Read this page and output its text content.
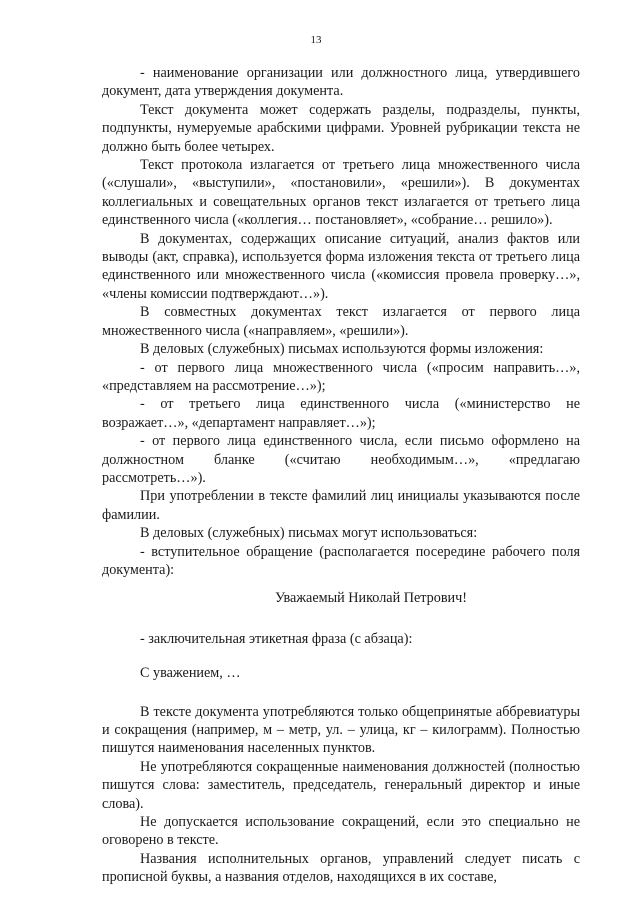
13

- наименование организации или должностного лица, утвердившего документ, дата утверждения документа.

Текст документа может содержать разделы, подразделы, пункты, подпункты, нумеруемые арабскими цифрами. Уровней рубрикации текста не должно быть более четырех.

Текст протокола излагается от третьего лица множественного числа («слушали», «выступили», «постановили», «решили»). В документах коллегиальных и совещательных органов текст излагается от третьего лица единственного числа («коллегия… постановляет», «собрание… решило»).

В документах, содержащих описание ситуаций, анализ фактов или выводы (акт, справка), используется форма изложения текста от третьего лица единственного или множественного числа («комиссия провела проверку…», «члены комиссии подтверждают…»).

В совместных документах текст излагается от первого лица множественного числа («направляем», «решили»).

В деловых (служебных) письмах используются формы изложения:

- от первого лица множественного числа («просим направить…», «представляем на рассмотрение…»);

- от третьего лица единственного числа («министерство не возражает…», «департамент направляет…»);

- от первого лица единственного числа, если письмо оформлено на должностном бланке («считаю необходимым…», «предлагаю рассмотреть…»).

При употреблении в тексте фамилий лиц инициалы указываются после фамилии.

В деловых (служебных) письмах могут использоваться:

- вступительное обращение (располагается посередине рабочего поля документа):

Уважаемый Николай Петрович!

- заключительная этикетная фраза (с абзаца):

С уважением, …

В тексте документа употребляются только общепринятые аббревиатуры и сокращения (например, м – метр, ул. – улица, кг – килограмм). Полностью пишутся наименования населенных пунктов.

Не употребляются сокращенные наименования должностей (полностью пишутся слова: заместитель, председатель, генеральный директор и иные слова).

Не допускается использование сокращений, если это специально не оговорено в тексте.

Названия исполнительных органов, управлений следует писать с прописной буквы, а названия отделов, находящихся в их составе,
